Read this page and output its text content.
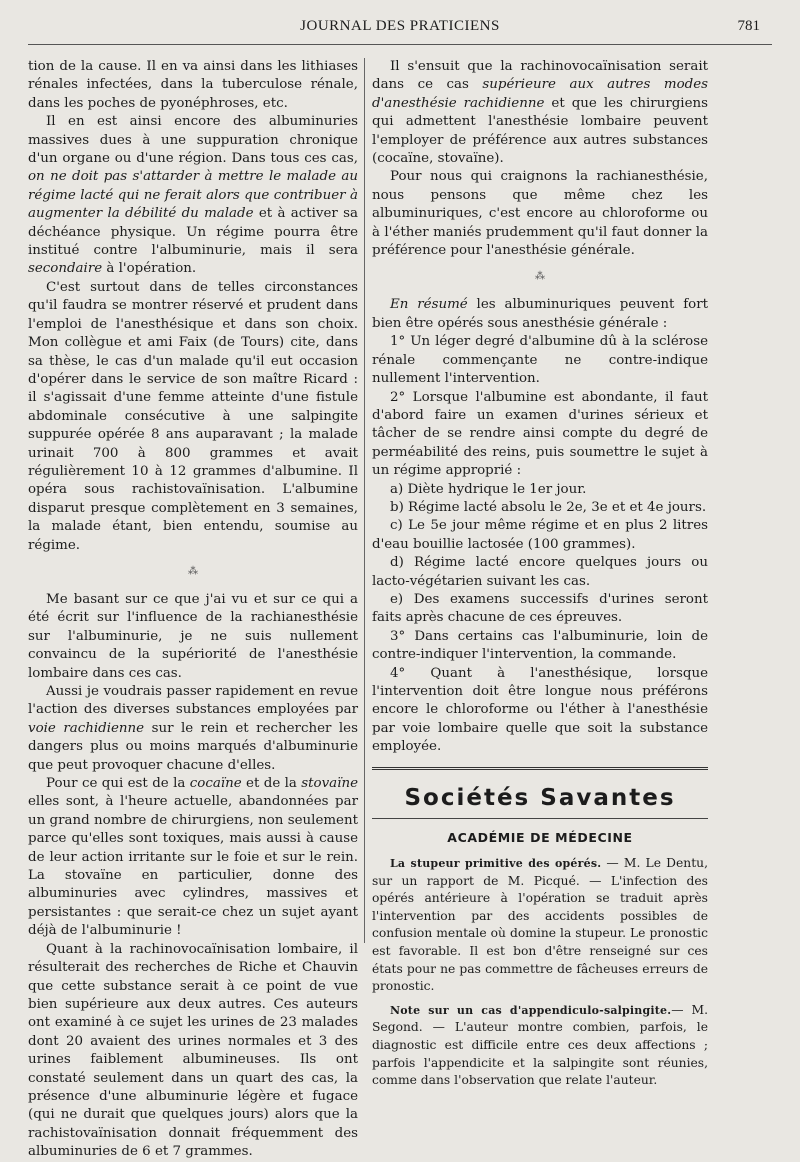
JOURNAL DES PRATICIENS	781

tion de la cause. Il en va ainsi dans les lithiases rénales infectées, dans la tuberculose rénale, dans les poches de pyonéphroses, etc.

Il en est ainsi encore des albuminuries massives dues à une suppuration chronique d'un organe ou d'une région. Dans tous ces cas, on ne doit pas s'attarder à mettre le malade au régime lacté qui ne ferait alors que contribuer à augmenter la débilité du malade et à activer sa déchéance physique. Un régime pourra être institué contre l'albuminurie, mais il sera secondaire à l'opération.

C'est surtout dans de telles circonstances qu'il faudra se montrer réservé et prudent dans l'emploi de l'anesthésique et dans son choix. Mon collègue et ami Faix (de Tours) cite, dans sa thèse, le cas d'un malade qu'il eut occasion d'opérer dans le service de son maître Ricard : il s'agissait d'une femme atteinte d'une fistule abdominale consécutive à une salpingite suppurée opérée 8 ans auparavant ; la malade urinait 700 à 800 grammes et avait régulièrement 10 à 12 grammes d'albumine. Il opéra sous rachistovaïnisation. L'albumine disparut presque complètement en 3 semaines, la malade étant, bien entendu, soumise au régime.

⁂

Me basant sur ce que j'ai vu et sur ce qui a été écrit sur l'influence de la rachianesthésie sur l'albuminurie, je ne suis nullement convaincu de la supériorité de l'anesthésie lombaire dans ces cas.

Aussi je voudrais passer rapidement en revue l'action des diverses substances employées par voie rachidienne sur le rein et rechercher les dangers plus ou moins marqués d'albuminurie que peut provoquer chacune d'elles.

Pour ce qui est de la cocaïne et de la stovaïne elles sont, à l'heure actuelle, abandonnées par un grand nombre de chirurgiens, non seulement parce qu'elles sont toxiques, mais aussi à cause de leur action irritante sur le foie et sur le rein. La stovaïne en particulier, donne des albuminuries avec cylindres, massives et persistantes : que serait-ce chez un sujet ayant déjà de l'albuminurie !

Quant à la rachinovocaïnisation lombaire, il résulterait des recherches de Riche et Chauvin que cette substance serait à ce point de vue bien supérieure aux deux autres. Ces auteurs ont examiné à ce sujet les urines de 23 malades dont 20 avaient des urines normales et 3 des urines faiblement albumineuses. Ils ont constaté seulement dans un quart des cas, la présence d'une albuminurie légère et fugace (qui ne durait que quelques jours) alors que la rachistovaïnisation donnait fréquemment des albuminuries de 6 et 7 grammes.

Il s'ensuit que la rachinovocaïnisation serait dans ce cas supérieure aux autres modes d'anesthésie rachidienne et que les chirurgiens qui admettent l'anesthésie lombaire peuvent l'employer de préférence aux autres substances (cocaïne, stovaïne).

Pour nous qui craignons la rachianesthésie, nous pensons que même chez les albuminuriques, c'est encore au chloroforme ou à l'éther maniés prudemment qu'il faut donner la préférence pour l'anesthésie générale.

⁂

En résumé les albuminuriques peuvent fort bien être opérés sous anesthésie générale :

1° Un léger degré d'albumine dû à la sclérose rénale commençante ne contre-indique nullement l'intervention.

2° Lorsque l'albumine est abondante, il faut d'abord faire un examen d'urines sérieux et tâcher de se rendre ainsi compte du degré de perméabilité des reins, puis soumettre le sujet à un régime approprié :

a) Diète hydrique le 1er jour.

b) Régime lacté absolu le 2e, 3e et et 4e jours.

c) Le 5e jour même régime et en plus 2 litres d'eau bouillie lactosée (100 grammes).

d) Régime lacté encore quelques jours ou lacto-végétarien suivant les cas.

e) Des examens successifs d'urines seront faits après chacune de ces épreuves.

3° Dans certains cas l'albuminurie, loin de contre-indiquer l'intervention, la commande.

4° Quant à l'anesthésique, lorsque l'intervention doit être longue nous préférons encore le chloroforme ou l'éther à l'anesthésie par voie lombaire quelle que soit la substance employée.

Sociétés Savantes
ACADÉMIE DE MÉDECINE

La stupeur primitive des opérés. — M. Le Dentu, sur un rapport de M. Picqué. — L'infection des opérés antérieure à l'opération se traduit après l'intervention par des accidents possibles de confusion mentale où domine la stupeur. Le pronostic est favorable. Il est bon d'être renseigné sur ces états pour ne pas commettre de fâcheuses erreurs de pronostic.

Note sur un cas d'appendiculo-salpingite.— M. Segond. — L'auteur montre combien, parfois, le diagnostic est difficile entre ces deux affections ; parfois l'appendicite et la salpingite sont réunies, comme dans l'observation que relate l'auteur.
